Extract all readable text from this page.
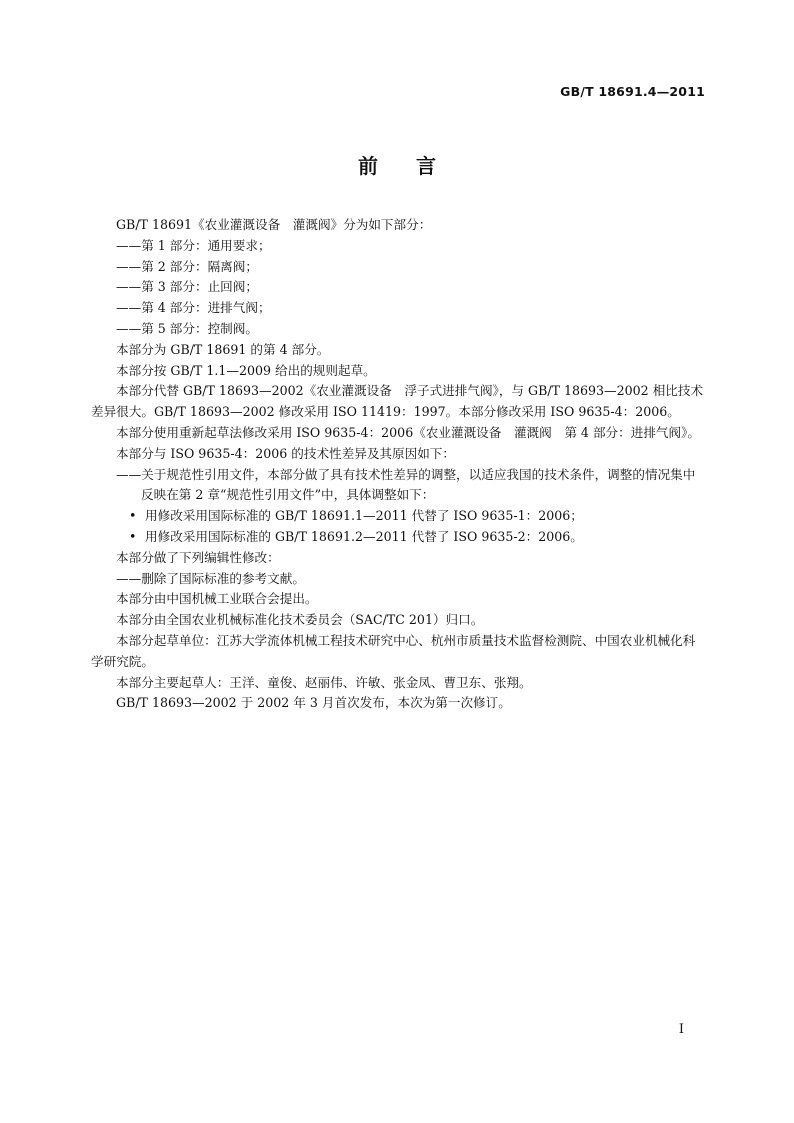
GB/T 18691.4—2011
前 言

GB/T 18691《农业灌溉设备　灌溉阀》分为如下部分：

——第 1 部分：通用要求；

——第 2 部分：隔离阀；

——第 3 部分：止回阀；

——第 4 部分：进排气阀；

——第 5 部分：控制阀。

本部分为 GB/T 18691 的第 4 部分。

本部分按 GB/T 1.1—2009 给出的规则起草。

本部分代替 GB/T 18693—2002《农业灌溉设备　浮子式进排气阀》，与 GB/T 18693—2002 相比技术差异很大。GB/T 18693—2002 修改采用 ISO 11419：1997。本部分修改采用 ISO 9635-4：2006。

本部分使用重新起草法修改采用 ISO 9635-4：2006《农业灌溉设备　灌溉阀　第 4 部分：进排气阀》。

本部分与 ISO 9635-4：2006 的技术性差异及其原因如下：

——关于规范性引用文件，本部分做了具有技术性差异的调整，以适应我国的技术条件，调整的情况集中反映在第 2 章“规范性引用文件”中，具体调整如下：

• 用修改采用国际标准的 GB/T 18691.1—2011 代替了 ISO 9635-1：2006；

• 用修改采用国际标准的 GB/T 18691.2—2011 代替了 ISO 9635-2：2006。

本部分做了下列编辑性修改：

——删除了国际标准的参考文献。

本部分由中国机械工业联合会提出。

本部分由全国农业机械标准化技术委员会（SAC/TC 201）归口。

本部分起草单位：江苏大学流体机械工程技术研究中心、杭州市质量技术监督检测院、中国农业机械化科学研究院。

本部分主要起草人：王洋、童俊、赵丽伟、许敏、张金凤、曹卫东、张翔。

GB/T 18693—2002 于 2002 年 3 月首次发布，本次为第一次修订。

I
